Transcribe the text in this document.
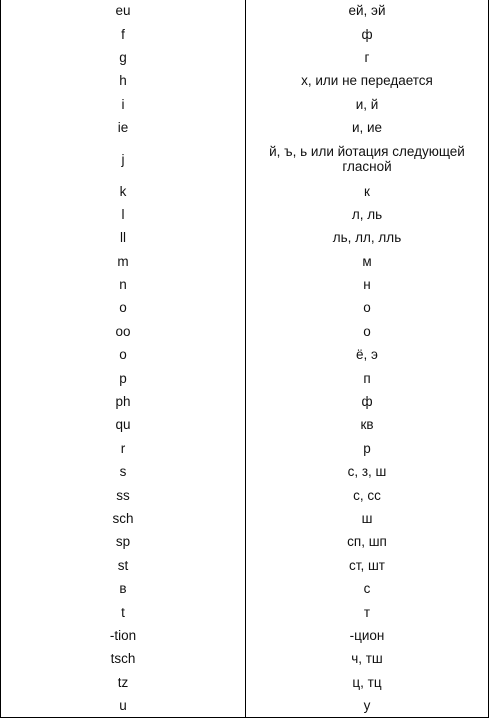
eu	ей, эй
f	ф
g	г
h	х, или не передается
i	и, й
ie	и, ие
j	й, ъ, ь или йотация следующей гласной
k	к
l	л, ль
ll	ль, лл, лль
m	м
n	н
o	о
oo	о
o	ё, э
p	п
ph	ф
qu	кв
r	р
s	с, з, ш
ss	с, сс
sch	ш
sp	сп, шп
st	ст, шт
в	с
t	т
-tion	-цион
tsch	ч, тш
tz	ц, тц
u	у
